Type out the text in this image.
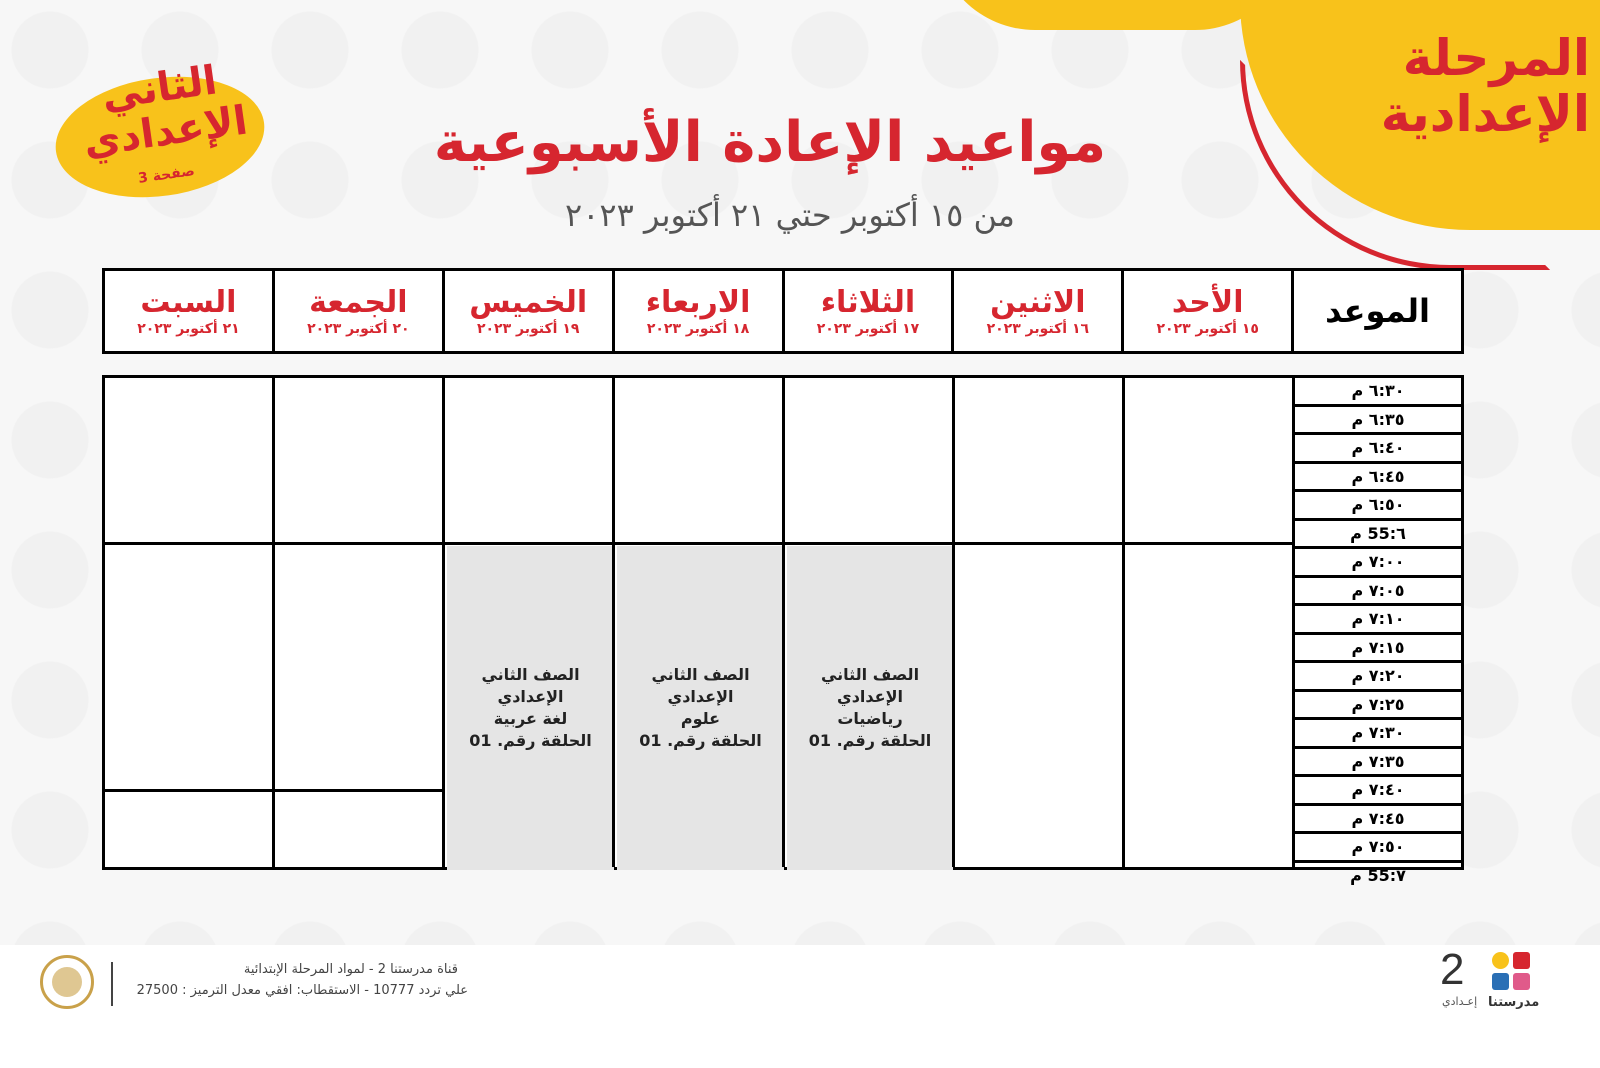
المرحلة الإعدادية
الثاني الإعدادي
صفحة 3	مواعيد الإعادة الأسبوعية
من ١٥ أكتوبر حتي ٢١ أكتوبر ٢٠٢٣
السبت
٢١ أكتوبر ٢٠٢٣
الجمعة
٢٠ أكتوبر ٢٠٢٣
الخميس
١٩ أكتوبر ٢٠٢٣
الاربعاء
١٨ أكتوبر ٢٠٢٣
الثلاثاء
١٧ أكتوبر ٢٠٢٣
الاثنين
١٦ أكتوبر ٢٠٢٣
الأحد
١٥ أكتوبر ٢٠٢٣ الموعد
الصف الثاني الإعدادي
رياضيات
الحلقة رقم. 01
الصف الثاني الإعدادي
علوم
الحلقة رقم. 01
الصف الثاني الإعدادي
لغة عربية
الحلقة رقم. 01
٦:٣٠ م
٦:٣٥ م
٦:٤٠ م
٦:٤٥ م
٦:٥٠ م
٦:55 م
٧:٠٠ م
٧:٠٥ م
٧:١٠ م
٧:١٥ م
٧:٢٠ م
٧:٢٥ م
٧:٣٠ م
٧:٣٥ م
٧:٤٠ م
٧:٤٥ م
٧:٥٠ م
٧:55 م
قناة مدرستنا 2 - لمواد المرحلة الإبتدائية
علي تردد 10777 - الاستقطاب: افقي معدل الترميز : 27500	2
إعـدادي مدرستنا
